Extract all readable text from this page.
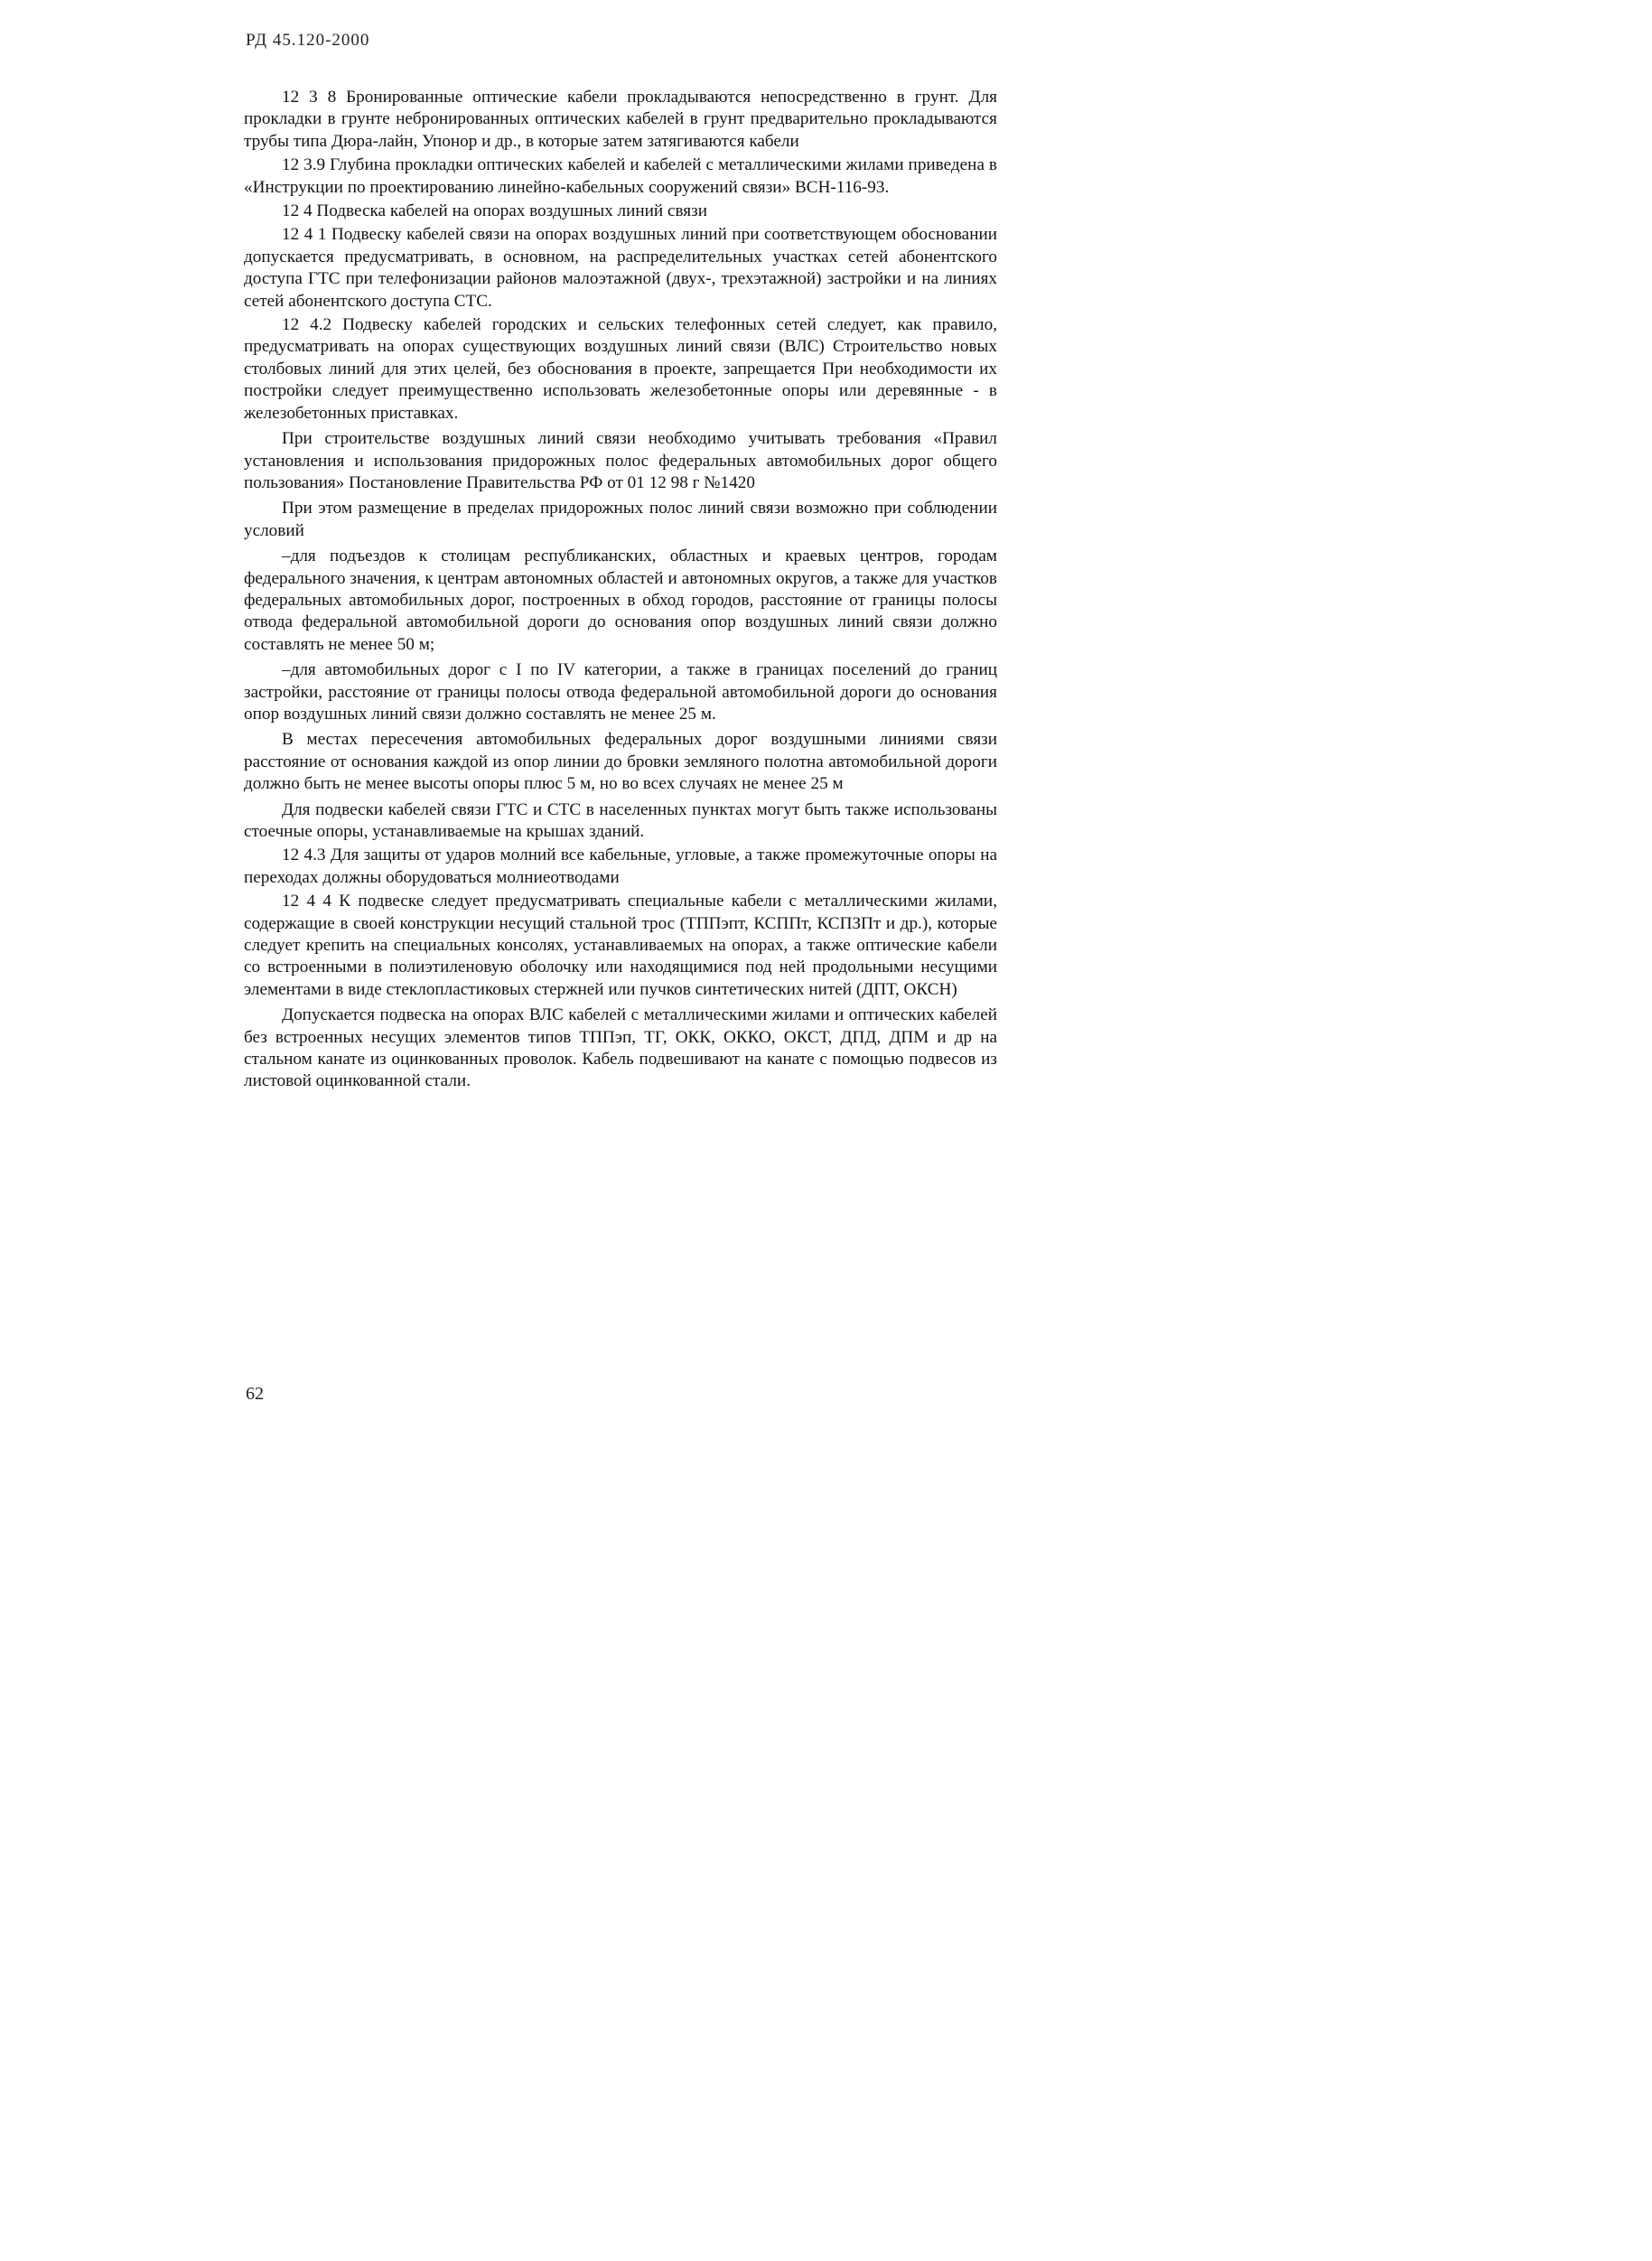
РД 45.120-2000

12 3 8 Бронированные оптические кабели прокладываются непосредственно в грунт. Для прокладки в грунте небронированных оптических кабелей в грунт предварительно прокладываются трубы типа Дюра-лайн, Упонор и др., в которые затем затягиваются кабели

12 3.9 Глубина прокладки оптических кабелей и кабелей с металлическими жилами приведена в «Инструкции по проектированию линейно-кабельных сооружений связи» ВСН-116-93.

12 4 Подвеска кабелей на опорах воздушных линий связи

12 4 1 Подвеску кабелей связи на опорах воздушных линий при соответствующем обосновании допускается предусматривать, в основном, на распределительных участках сетей абонентского доступа ГТС при телефонизации районов малоэтажной (двух-, трехэтажной) застройки и на линиях сетей абонентского доступа СТС.

12 4.2 Подвеску кабелей городских и сельских телефонных сетей следует, как правило, предусматривать на опорах существующих воздушных линий связи (ВЛС) Строительство новых столбовых линий для этих целей, без обоснования в проекте, запрещается При необходимости их постройки следует преимущественно использовать железобетонные опоры или деревянные - в железобетонных приставках.

При строительстве воздушных линий связи необходимо учитывать требования «Правил установления и использования придорожных полос федеральных автомобильных дорог общего пользования» Постановление Правительства РФ от 01 12 98 г №1420

При этом размещение в пределах придорожных полос линий связи возможно при соблюдении условий

–для подъездов к столицам республиканских, областных и краевых центров, городам федерального значения, к центрам автономных областей и автономных округов, а также для участков федеральных автомобильных дорог, построенных в обход городов, расстояние от границы полосы отвода федеральной автомобильной дороги до основания опор воздушных линий связи должно составлять не менее 50 м;

–для автомобильных дорог с I по IV категории, а также в границах поселений до границ застройки, расстояние от границы полосы отвода федеральной автомобильной дороги до основания опор воздушных линий связи должно составлять не менее 25 м.

В местах пересечения автомобильных федеральных дорог воздушными линиями связи расстояние от основания каждой из опор линии до бровки земляного полотна автомобильной дороги должно быть не менее высоты опоры плюс 5 м, но во всех случаях не менее 25 м

Для подвески кабелей связи ГТС и СТС в населенных пунктах могут быть также использованы стоечные опоры, устанавливаемые на крышах зданий.

12 4.3 Для защиты от ударов молний все кабельные, угловые, а также промежуточные опоры на переходах должны оборудоваться молниеотводами

12 4 4 К подвеске следует предусматривать специальные кабели с металлическими жилами, содержащие в своей конструкции несущий стальной трос (ТППэпт, КСППт, КСПЗПт и др.), которые следует крепить на специальных консолях, устанавливаемых на опорах, а также оптические кабели со встроенными в полиэтиленовую оболочку или находящимися под ней продольными несущими элементами в виде стеклопластиковых стержней или пучков синтетических нитей (ДПТ, ОКСН)

Допускается подвеска на опорах ВЛС кабелей с металлическими жилами и оптических кабелей без встроенных несущих элементов типов ТППэп, ТГ, ОКК, ОККО, ОКСТ, ДПД, ДПМ и др на стальном канате из оцинкованных проволок. Кабель подвешивают на канате с помощью подвесов из листовой оцинкованной стали.

62
